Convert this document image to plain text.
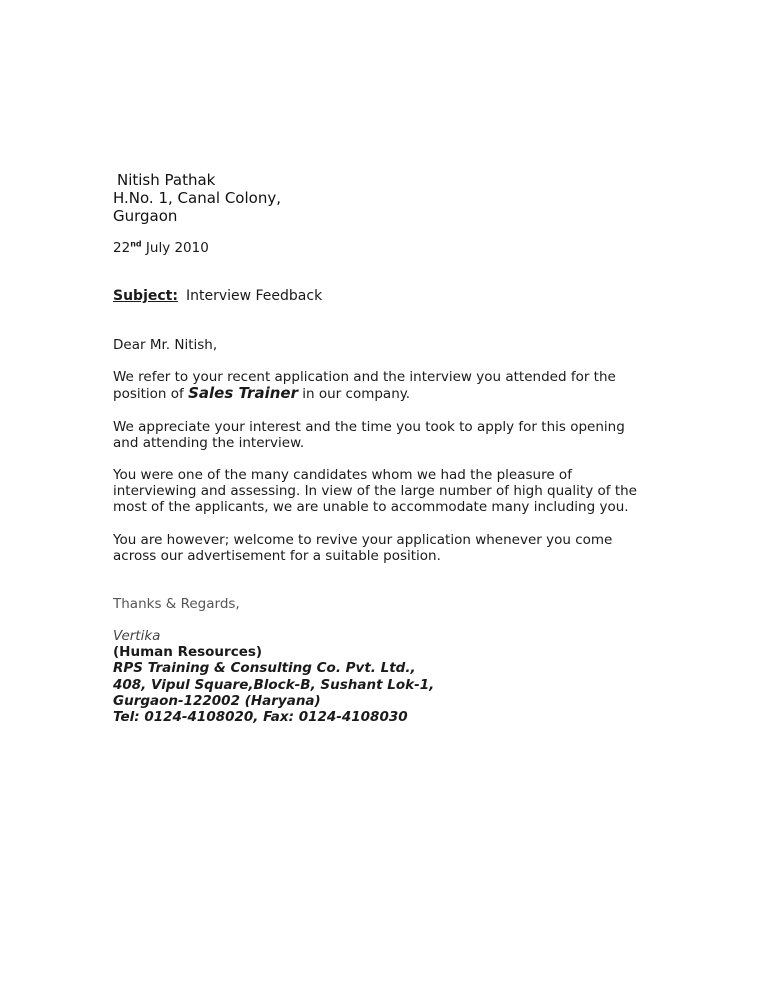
Nitish Pathak
H.No. 1, Canal Colony,
Gurgaon
22nd July 2010
Subject: Interview Feedback
Dear Mr. Nitish,
We refer to your recent application and the interview you attended for the
position of Sales Trainer in our company.
We appreciate your interest and the time you took to apply for this opening
and attending the interview.
You were one of the many candidates whom we had the pleasure of
interviewing and assessing. In view of the large number of high quality of the
most of the applicants, we are unable to accommodate many including you.
You are however; welcome to revive your application whenever you come
across our advertisement for a suitable position.
Thanks & Regards,
Vertika
(Human Resources)
RPS Training & Consulting Co. Pvt. Ltd.,
408, Vipul Square,Block-B, Sushant Lok-1,
Gurgaon-122002 (Haryana)
Tel: 0124-4108020, Fax: 0124-4108030
